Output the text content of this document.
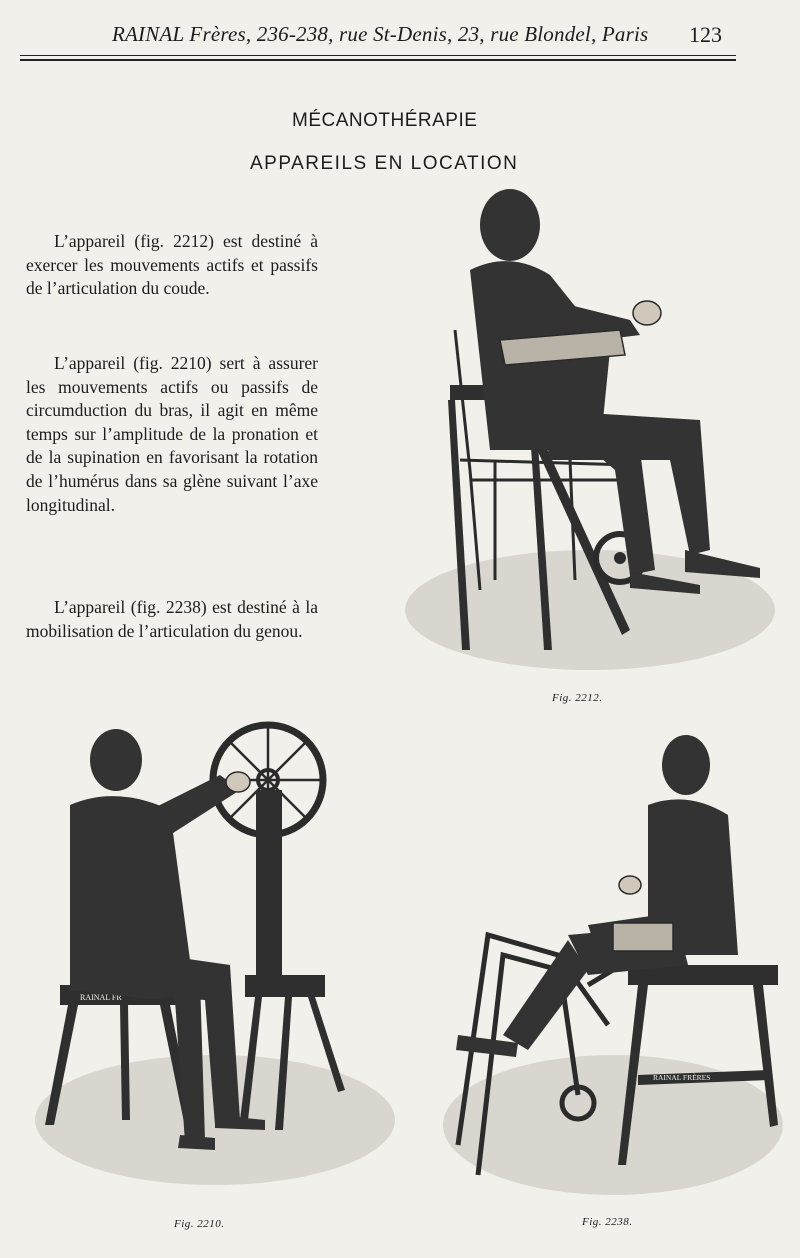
RAINAL Frères, 236-238, rue St-Denis, 23, rue Blondel, Paris 123
MÉCANOTHÉRAPIE
APPAREILS EN LOCATION

L’appareil (fig. 2212) est destiné à exercer les mouvements actifs et passifs de l’articulation du coude.

L’appareil (fig. 2210) sert à assurer les mouvements actifs ou passifs de circumduction du bras, il agit en même temps sur l’amplitude de la pronation et de la supination en favorisant la rotation de l’humérus dans sa glène suivant l’axe longitudinal.

L’appareil (fig. 2238) est destiné à la mobilisation de l’articulation du genou.

Fig. 2212.
RAINAL FR
Fig. 2210.
RAINAL FRÈRES
Fig. 2238.
